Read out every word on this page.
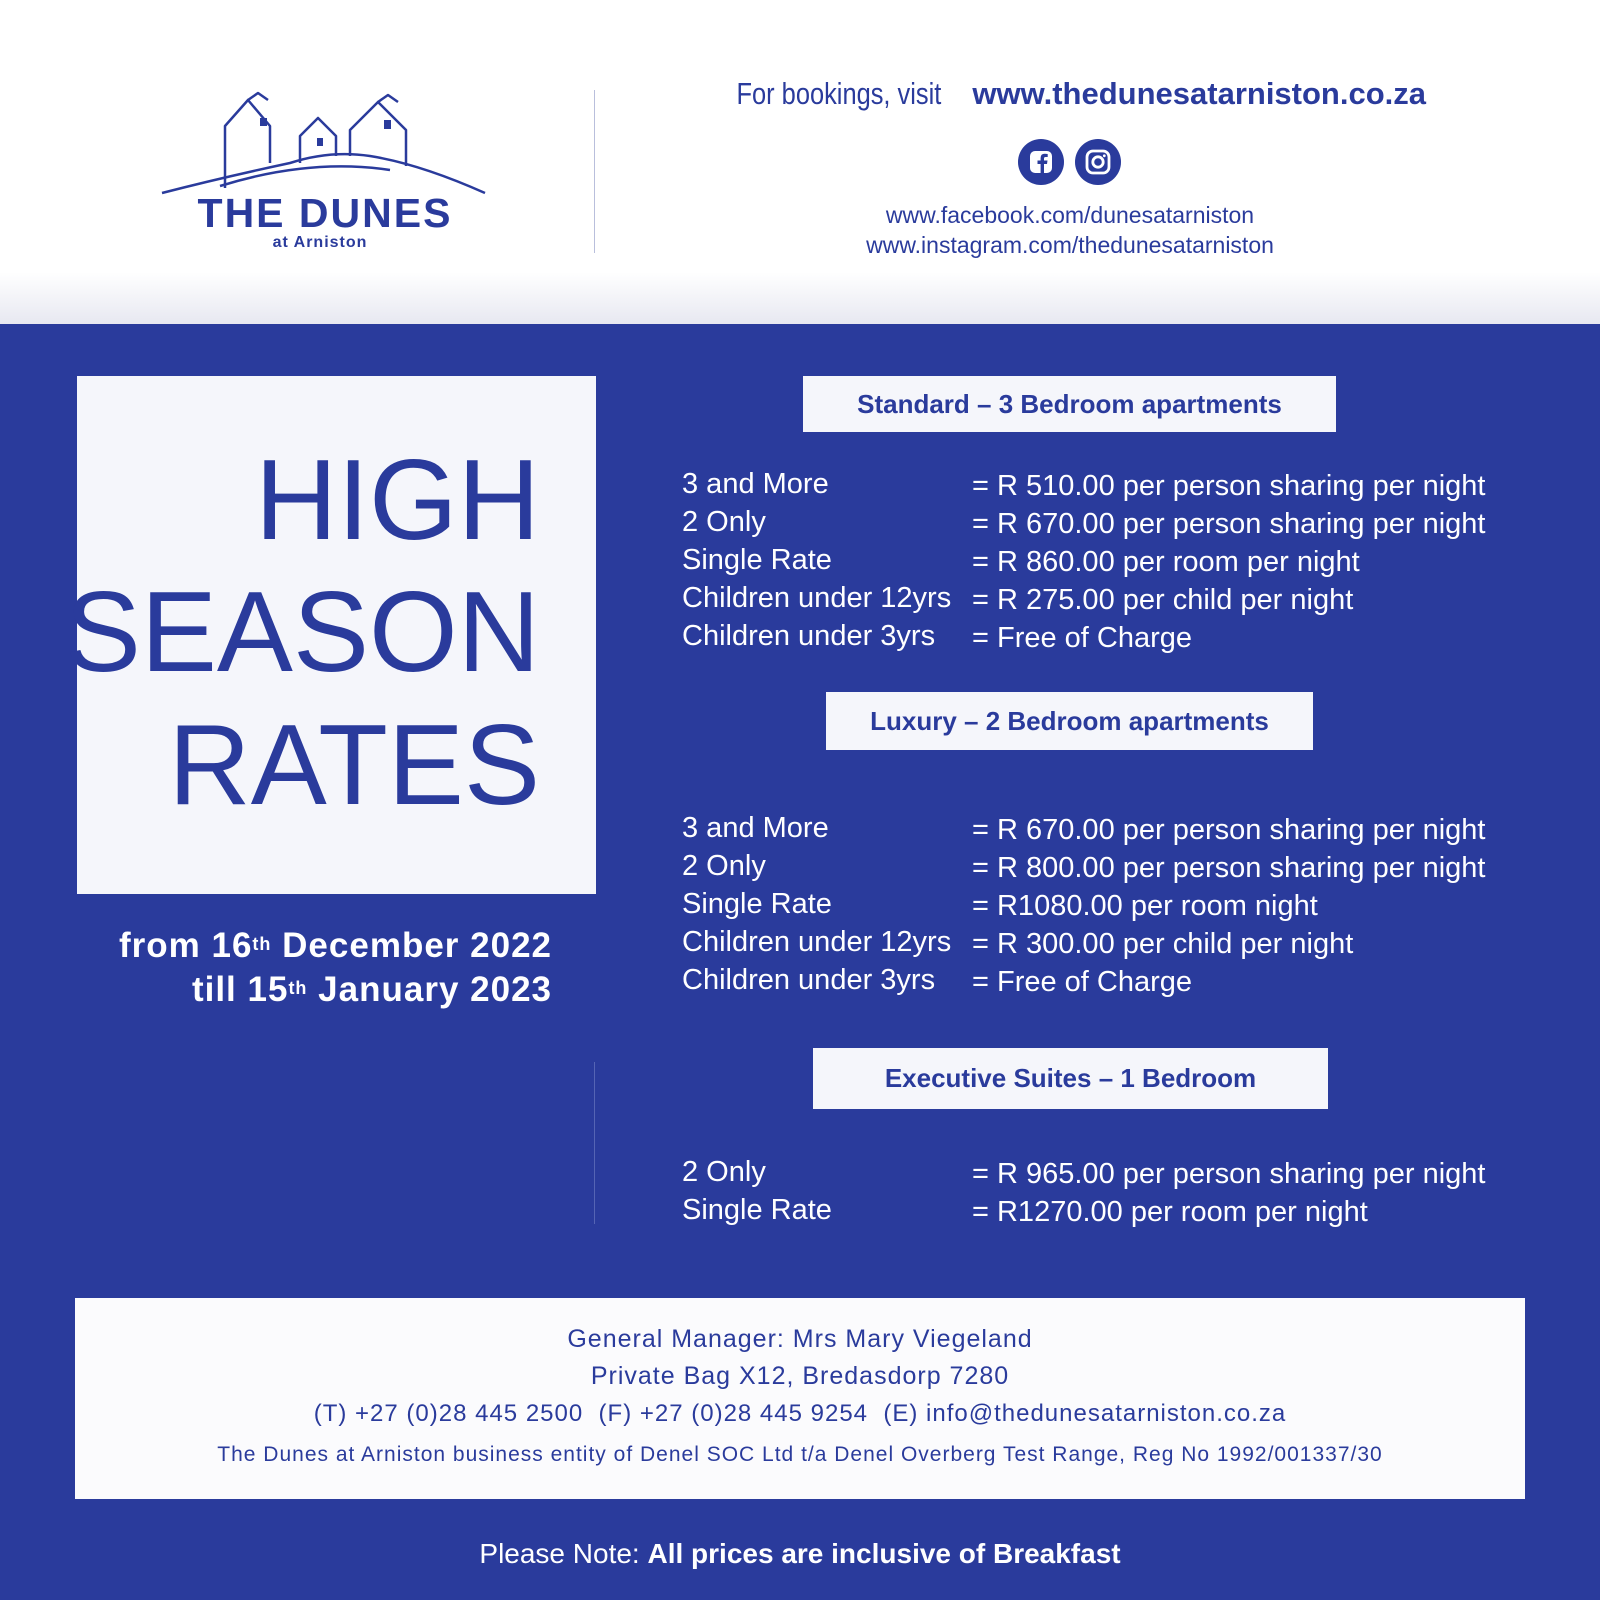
THE DUNES
at Arniston
For bookings, visit www.thedunesatarniston.co.za
www.facebook.com/dunesatarniston
www.instagram.com/thedunesatarniston
HIGH
SEASON
RATES
from 16th December 2022
till 15th January 2023
Standard – 3 Bedroom apartments
3 and More	= R 510.00 per person sharing per night
2 Only	= R 670.00 per person sharing per night
Single Rate	= R 860.00 per room per night
Children under 12yrs = R 275.00 per child per night
Children under 3yrs = Free of Charge
Luxury – 2 Bedroom apartments
3 and More	= R 670.00 per person sharing per night
2 Only	= R 800.00 per person sharing per night
Single Rate	= R1080.00 per room night
Children under 12yrs = R 300.00 per child per night
Children under 3yrs = Free of Charge
Executive Suites – 1 Bedroom
2 Only	= R 965.00 per person sharing per night
Single Rate	= R1270.00 per room per night
General Manager: Mrs Mary Viegeland
Private Bag X12, Bredasdorp 7280
(T) +27 (0)28 445 2500  (F) +27 (0)28 445 9254  (E) info@thedunesatarniston.co.za
The Dunes at Arniston business entity of Denel SOC Ltd t/a Denel Overberg Test Range, Reg No 1992/001337/30
Please Note: All prices are inclusive of Breakfast
